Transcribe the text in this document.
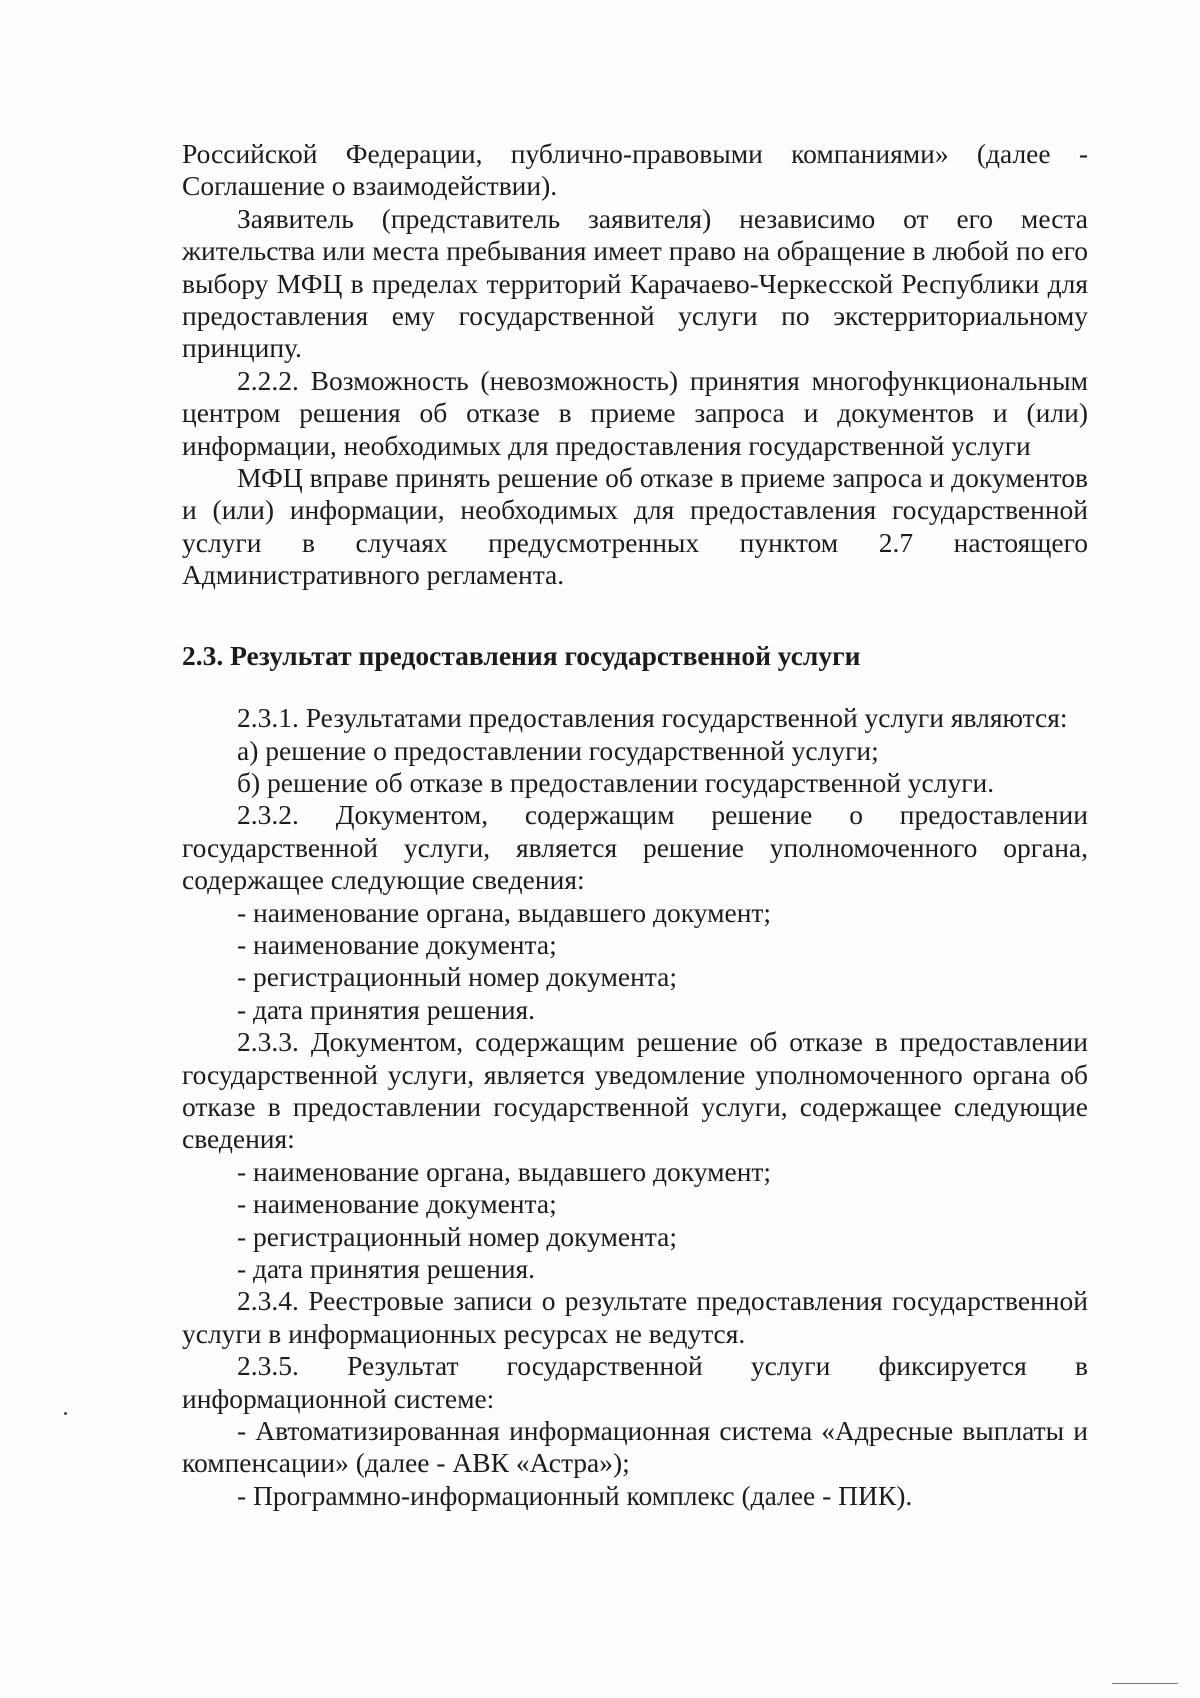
Российской Федерации, публично-правовыми компаниями» (далее - Соглашение о взаимодействии).

Заявитель (представитель заявителя) независимо от его места жительства или места пребывания имеет право на обращение в любой по его выбору МФЦ в пределах территорий Карачаево-Черкесской Республики для предоставления ему государственной услуги по экстерриториальному принципу.

2.2.2. Возможность (невозможность) принятия многофункциональным центром решения об отказе в приеме запроса и документов и (или) информации, необходимых для предоставления государственной услуги

МФЦ вправе принять решение об отказе в приеме запроса и документов и (или) информации, необходимых для предоставления государственной услуги в случаях предусмотренных пунктом 2.7 настоящего Административного регламента.

2.3. Результат предоставления государственной услуги

2.3.1. Результатами предоставления государственной услуги являются:

а) решение о предоставлении государственной услуги;

б) решение об отказе в предоставлении государственной услуги.

2.3.2. Документом, содержащим решение о предоставлении государственной услуги, является решение уполномоченного органа, содержащее следующие сведения:

- наименование органа, выдавшего документ;

- наименование документа;

- регистрационный номер документа;

- дата принятия решения.

2.3.3. Документом, содержащим решение об отказе в предоставлении государственной услуги, является уведомление уполномоченного органа об отказе в предоставлении государственной услуги, содержащее следующие сведения:

- наименование органа, выдавшего документ;

- наименование документа;

- регистрационный номер документа;

- дата принятия решения.

2.3.4. Реестровые записи о результате предоставления государственной услуги в информационных ресурсах не ведутся.

2.3.5. Результат государственной услуги фиксируется в информационной системе:

- Автоматизированная информационная система «Адресные выплаты и компенсации» (далее - АВК «Астра»);

- Программно-информационный комплекс (далее - ПИК).
